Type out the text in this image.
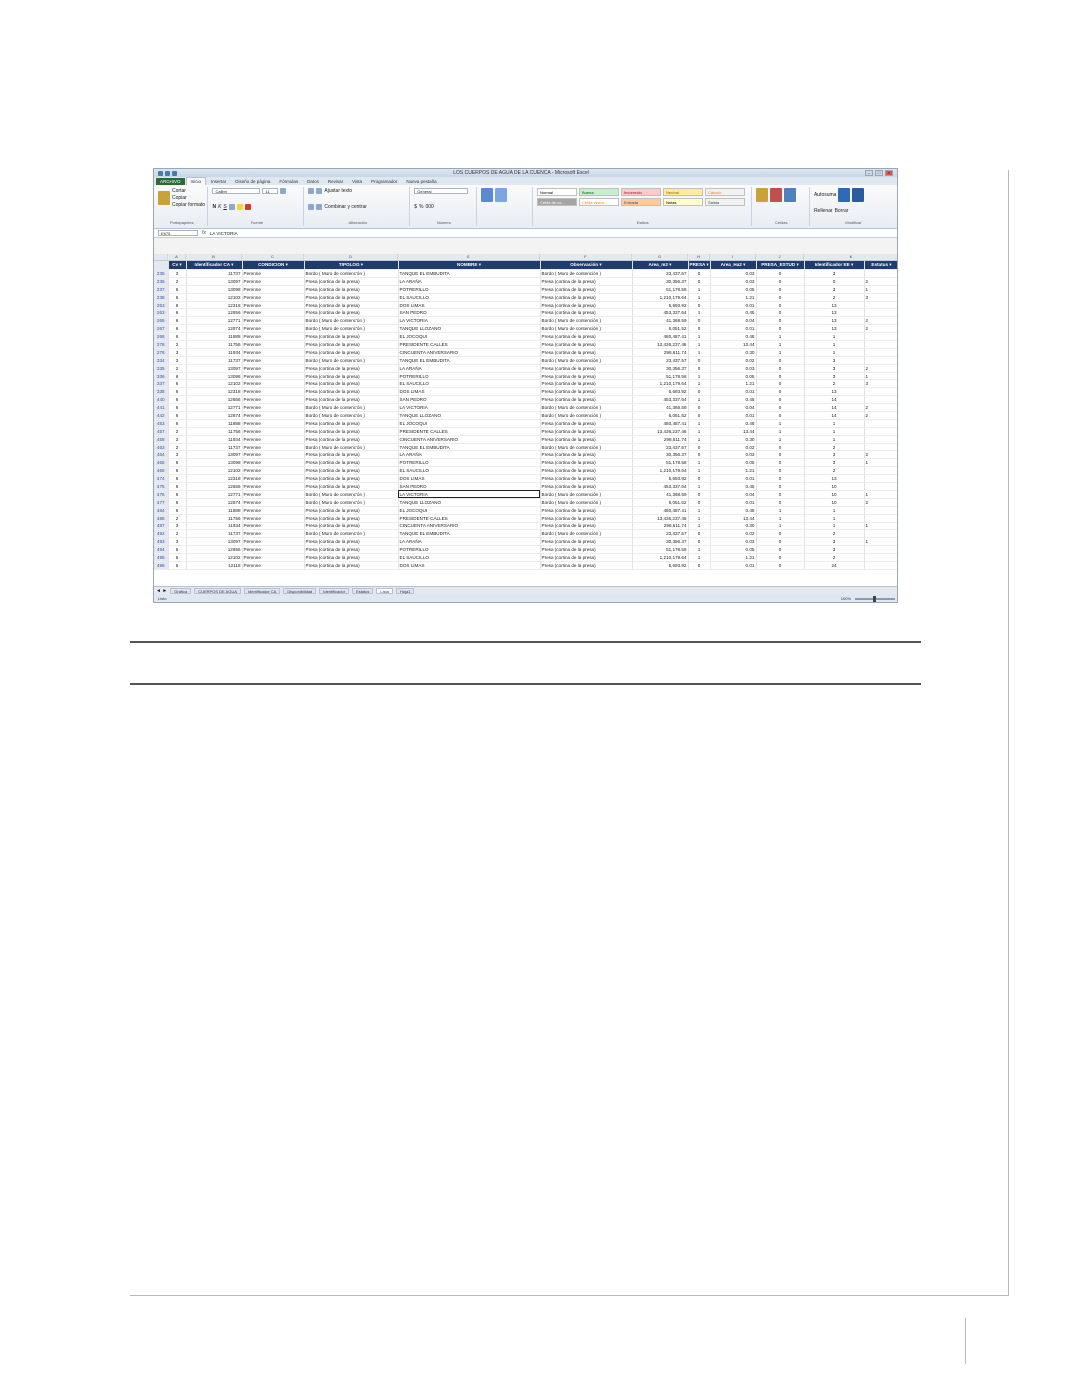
LOS CUERPOS DE AGUA DE LA CUENCA - Microsoft Excel	–	□	×
ARCHIVO	Inicio	Insertar	Diseño de página	Fórmulas	Datos	Revisar	Vista	Programador	Nueva pestaña
Cortar
Copiar
Copiar formato
Portapapeles
Calibri	11
N K S
Fuente
Ajustar texto
Combinar y centrar
Alineación
General
$ % 000
Número
Normal	Buena	Incorrecto	Neutral	Cálculo
Celda de co...	Celda vincul...	Entrada	Notas	Salida
Estilos	Celdas
Autosuma
Rellenar Borrar
Modificar
E675	fx LA VICTORIA
A	B	C	D	E	F	G	H	I	J	K
	Cv ▾	Identificador CA ▾	CONDICION ▾	TIPOLOG ▾	NOMBRE ▾	Observación ▾	Area_m2 ▾	PRESA ▾	Area_Ha2 ▾	PRESA_ESTUD ▾	Identificador EE ▾	Estatus ▾
235	3	11737	Perenne	Bordo ( Muro de contenc'ón )	TANQUE EL EMBUDITA	Bordo ( Muro de contención )	23,437.57	0	0.03	0	3	
236	2	13097	Perenne	Presa (cortina de la presa)	LA ARAÑA	Presa (cortina de la presa)	30,356.37	0	0.03	0	0	2
237	6	13098	Perenne	Presa (cortina de la presa)	POTRERILLO	Presa (cortina de la presa)	51,178.58	1	0.05	0	3	1
238	6	12102	Perenne	Presa (cortina de la presa)	EL SAUCILLO	Presa (cortina de la presa)	1,210,179.64	1	1.21	0	2	3
253	6	12318	Perenne	Presa (cortina de la presa)	DOS LIMAS	Presa (cortina de la presa)	5,693.92	0	0.01	0	13	
263	6	12656	Perenne	Presa (cortina de la presa)	SAN PEDRO	Presa (cortina de la presa)	453,337.64	1	0.45	0	13	
265	6	12771	Perenne	Bordo ( Muro de contenc'ón )	LA VICTORIA	Bordo ( Muro de contención )	41,368.59	0	0.04	0	13	2
267	6	12874	Perenne	Bordo ( Muro de contenc'ón )	TANQUE LLOZANO	Bordo ( Muro de contención )	6,051.52	0	0.01	0	13	2
268	6	11888	Perenne	Presa (cortina de la presa)	EL JOCOQUI	Presa (cortina de la presa)	480,487.41	1	0.48	1	1	
276	2	11756	Perenne	Presa (cortina de la presa)	PRESIDENTE CALLES	Presa (cortina de la presa)	13,436,237.46	1	13.44	1	1	
278	3	11934	Perenne	Presa (cortina de la presa)	CINCUENTA ANIVERSARIO	Presa (cortina de la presa)	298,611.74	1	0.30	1	1	
334	3	11737	Perenne	Bordo ( Muro de contenc'ón )	TANQUE EL EMBUDITA	Bordo ( Muro de contención )	23,437.57	0	0.02	0	3	
335	2	13097	Perenne	Presa (cortina de la presa)	LA ARAÑA	Presa (cortina de la presa)	30,356.37	0	0.03	0	3	2
336	6	13098	Perenne	Presa (cortina de la presa)	POTRERILLO	Presa (cortina de la presa)	51,178.58	1	0.05	0	3	1
337	6	12102	Perenne	Presa (cortina de la presa)	EL SAUCILLO	Presa (cortina de la presa)	1,210,179.64	1	1.21	0	2	3
338	6	12318	Perenne	Presa (cortina de la presa)	DOS LIMAS	Presa (cortina de la presa)	5,693.92	0	0.01	0	13	
440	6	12656	Perenne	Presa (cortina de la presa)	SAN PEDRO	Presa (cortina de la presa)	453,337.64	1	0.45	0	14	
441	6	12771	Perenne	Bordo ( Muro de contenc'ón )	LA VICTORIA	Bordo ( Muro de contención )	41,368.59	0	0.04	0	14	2
442	6	12874	Perenne	Bordo ( Muro de contenc'ón )	TANQUE LLOZANO	Bordo ( Muro de contención )	6,051.52	0	0.01	0	14	2
453	6	11888	Perenne	Presa (cortina de la presa)	EL JOCOQUI	Presa (cortina de la presa)	480,487.41	1	0.48	1	1	
457	2	11756	Perenne	Presa (cortina de la presa)	PRESIDENTE CALLES	Presa (cortina de la presa)	13,436,237.46	1	13.44	1	1	
458	3	11934	Perenne	Presa (cortina de la presa)	CINCUENTA ANIVERSARIO	Presa (cortina de la presa)	298,611.74	1	0.30	1	1	
463	2	11737	Perenne	Bordo ( Muro de contenc'ón )	TANQUE EL EMBUDITA	Bordo ( Muro de contención )	23,437.57	0	0.02	0	2	
464	3	13097	Perenne	Presa (cortina de la presa)	LA ARAÑA	Presa (cortina de la presa)	30,356.37	0	0.03	0	3	2
465	6	13098	Perenne	Presa (cortina de la presa)	POTRERILLO	Presa (cortina de la presa)	51,178.58	1	0.05	0	3	1
466	6	12102	Perenne	Presa (cortina de la presa)	EL SAUCILLO	Presa (cortina de la presa)	1,210,179.64	1	1.21	0	2	
474	6	12318	Perenne	Presa (cortina de la presa)	DOS LIMAS	Presa (cortina de la presa)	5,693.92	0	0.01	0	13	
475	6	12656	Perenne	Presa (cortina de la presa)	SAN PEDRO	Presa (cortina de la presa)	453,337.64	1	0.45	0	10	
476	6	12771	Perenne	Bordo ( Muro de contenc'ón )	LA VICTORIA	Bordo ( Muro de contención )	41,368.59	0	0.04	0	10	1
477	6	12874	Perenne	Bordo ( Muro de contenc'ón )	TANQUE LLOZANO	Bordo ( Muro de contención )	6,051.52	0	0.01	0	10	2
484	6	11888	Perenne	Presa (cortina de la presa)	EL JOCOQUI	Presa (cortina de la presa)	480,487.41	1	0.48	1	1	
486	2	11756	Perenne	Presa (cortina de la presa)	PRESIDENTE CALLES	Presa (cortina de la presa)	13,436,237.46	1	13.44	1	1	
487	3	11934	Perenne	Presa (cortina de la presa)	CINCUENTA ANIVERSARIO	Presa (cortina de la presa)	298,611.74	1	0.30	1	1	1
492	2	11737	Perenne	Bordo ( Muro de contenc'ón )	TANQUE EL EMBUDITA	Bordo ( Muro de contención )	23,437.57	0	0.02	0	2	
493	3	13097	Perenne	Presa (cortina de la presa)	LA ARAÑA	Presa (cortina de la presa)	30,356.37	0	0.03	0	3	1
494	6	12656	Perenne	Presa (cortina de la presa)	POTRERILLO	Presa (cortina de la presa)	51,178.58	1	0.05	0	3	
495	6	12102	Perenne	Presa (cortina de la presa)	EL SAUCILLO	Presa (cortina de la presa)	1,210,179.64	1	1.21	0	2	
496	6	12118	Perenne	Presa (cortina de la presa)	DOS LIMAS	Presa (cortina de la presa)	5,693.92	0	0.01	0	24	
◄ ►	Gráfica	CUERPOS DE AGUA	Identificador CA	Disponibilidad	Identificador	Estatus	Lista	Hoja1
Listo	100%
